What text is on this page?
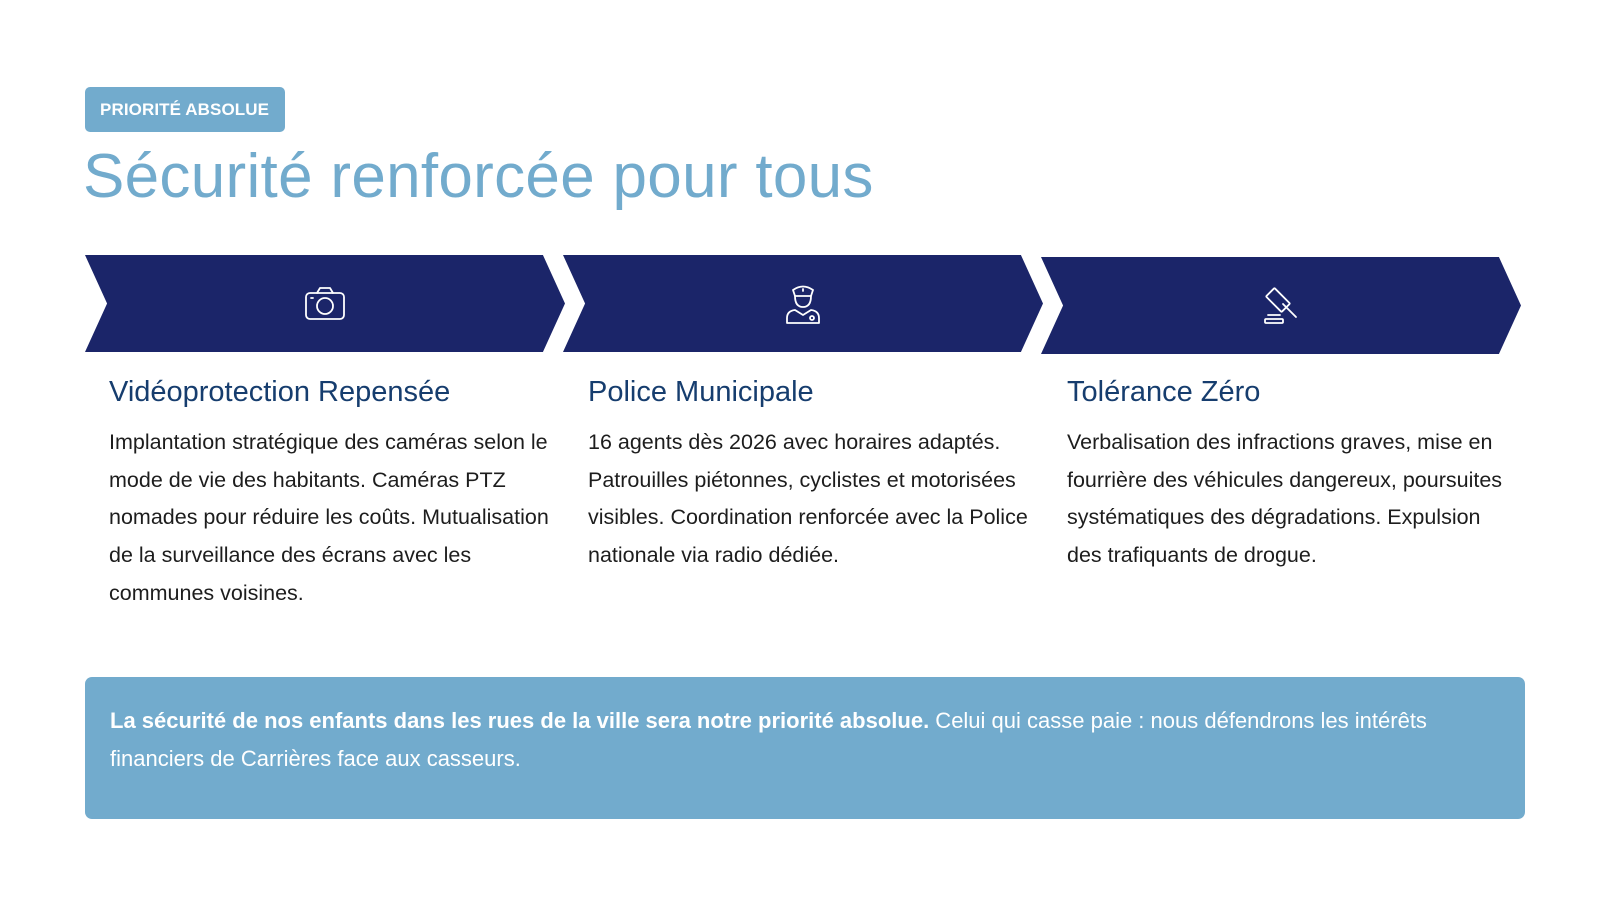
PRIORITÉ ABSOLUE
Sécurité renforcée pour tous
Vidéoprotection Repensée

Implantation stratégique des caméras selon le mode de vie des habitants. Caméras PTZ nomades pour réduire les coûts. Mutualisation de la surveillance des écrans avec les communes voisines.

Police Municipale

16 agents dès 2026 avec horaires adaptés. Patrouilles piétonnes, cyclistes et motorisées visibles. Coordination renforcée avec la Police nationale via radio dédiée.

Tolérance Zéro

Verbalisation des infractions graves, mise en fourrière des véhicules dangereux, poursuites systématiques des dégradations. Expulsion des trafiquants de drogue.

La sécurité de nos enfants dans les rues de la ville sera notre priorité absolue. Celui qui casse paie : nous défendrons les intérêts financiers de Carrières face aux casseurs.
